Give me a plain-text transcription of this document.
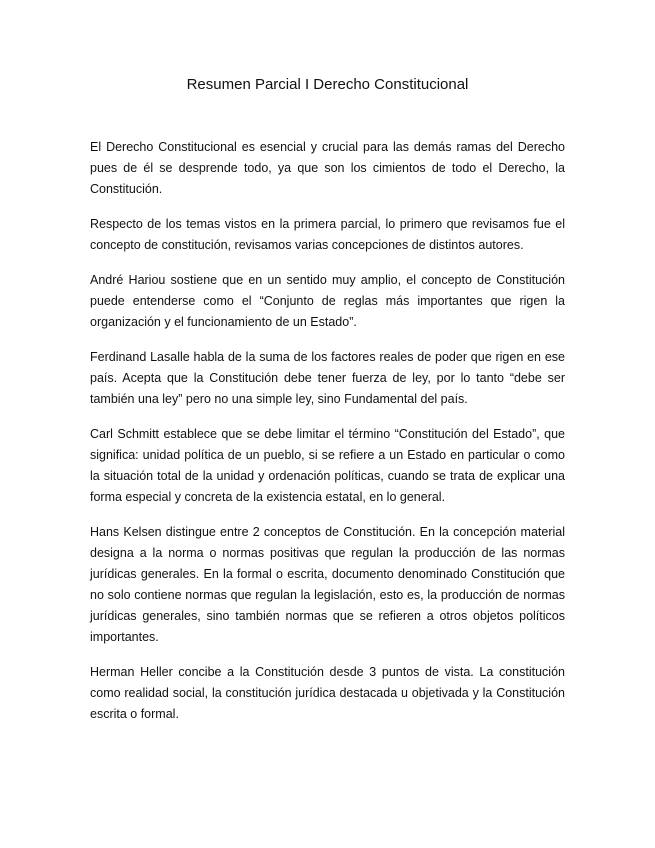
Resumen Parcial I Derecho Constitucional

El Derecho Constitucional es esencial y crucial para las demás ramas del Derecho pues de él se desprende todo, ya que son los cimientos de todo el Derecho, la Constitución.

Respecto de los temas vistos en la primera parcial, lo primero que revisamos fue el concepto de constitución, revisamos varias concepciones de distintos autores.

André Hariou sostiene que en un sentido muy amplio, el concepto de Constitución puede entenderse como el “Conjunto de reglas más importantes que rigen la organización y el funcionamiento de un Estado”.

Ferdinand Lasalle habla de la suma de los factores reales de poder que rigen en ese país. Acepta que la Constitución debe tener fuerza de ley, por lo tanto “debe ser también una ley” pero no una simple ley, sino Fundamental del país.

Carl Schmitt establece que se debe limitar el término “Constitución del Estado”, que significa: unidad política de un pueblo, si se refiere a un Estado en particular o como la situación total de la unidad y ordenación políticas, cuando se trata de explicar una forma especial y concreta de la existencia estatal, en lo general.

Hans Kelsen distingue entre 2 conceptos de Constitución. En la concepción material designa a la norma o normas positivas que regulan la producción de las normas jurídicas generales. En la formal o escrita, documento denominado Constitución que no solo contiene normas que regulan la legislación, esto es, la producción de normas jurídicas generales, sino también normas que se refieren a otros objetos políticos importantes.

Herman Heller concibe a la Constitución desde 3 puntos de vista. La constitución como realidad social, la constitución jurídica destacada u objetivada y la Constitución escrita o formal.
